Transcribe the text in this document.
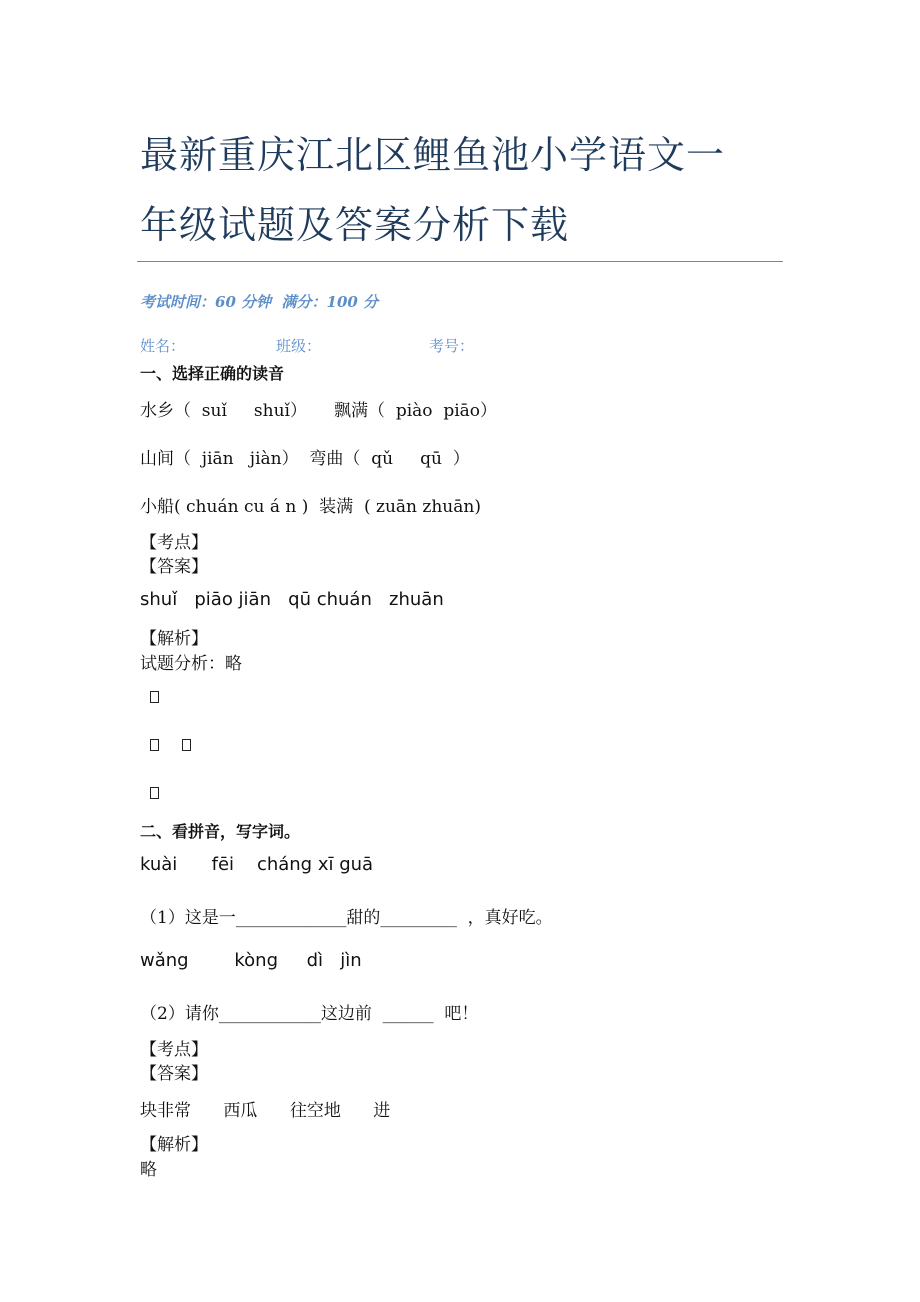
最新重庆江北区鲤鱼池小学语文一
年级试题及答案分析下载
考试时间：60 分钟  满分：100 分
姓名：	班级：	考号：
一、选择正确的读音
水乡（  suǐ     shuǐ）     飘满（  piào  piāo）
山间（  jiān   jiàn）  弯曲（  qǔ     qū  ）
小船( chuán cu á n )  装满  ( zuān zhuān)
【考点】
【答案】
shuǐ   piāo jiān   qū chuán   zhuān
【解析】
试题分析：略
二、看拼音，写字词。
kuài      fēi    cháng xī guā
（1）这是一_____________甜的_________  ，真好吃。
wǎng        kòng     dì   jìn
（2）请你____________这边前  ______  吧！
【考点】
【答案】
块非常      西瓜      往空地      进
【解析】
略
